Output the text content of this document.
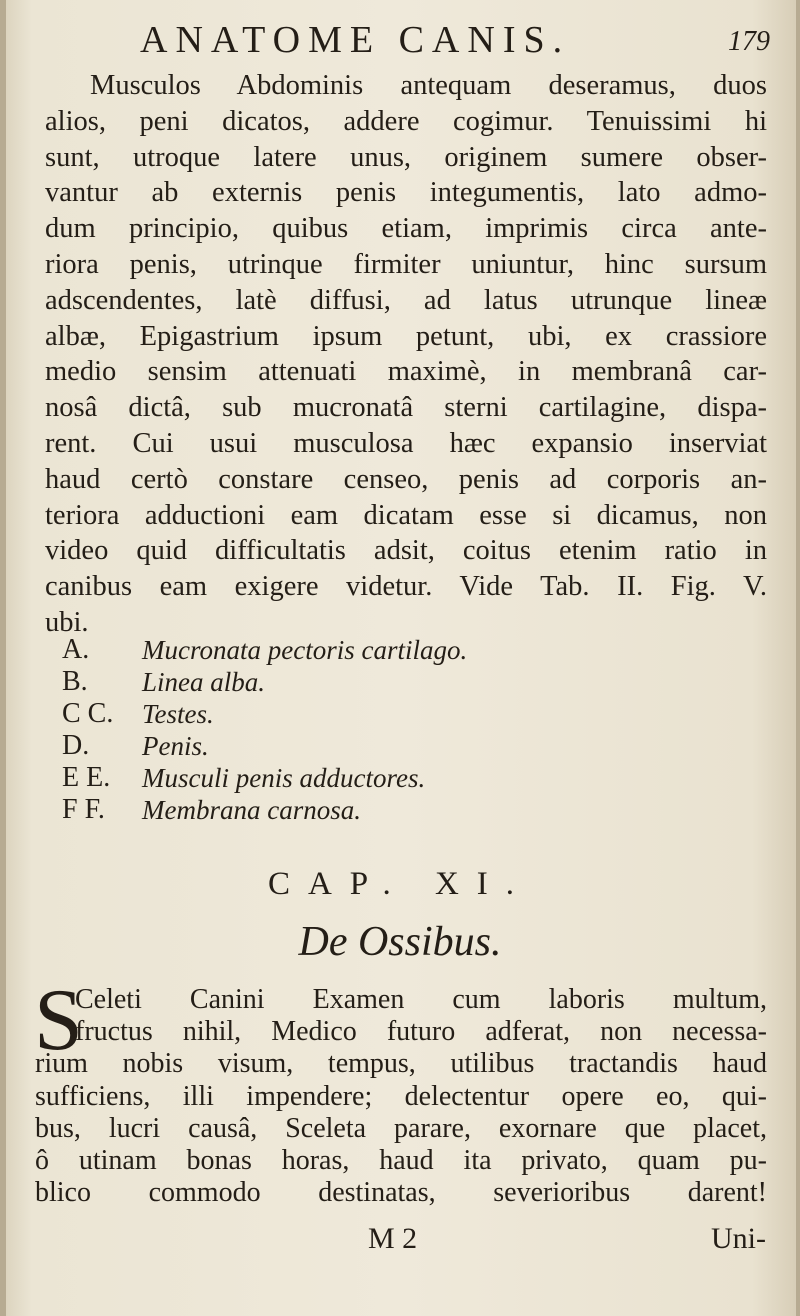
ANATOME CANIS.	179
Musculos Abdominis antequam deseramus, duos
alios, peni dicatos, addere cogimur. Tenuissimi hi
sunt, utroque latere unus, originem sumere obser-
vantur ab externis penis integumentis, lato admo-
dum principio, quibus etiam, imprimis circa ante-
riora penis, utrinque firmiter uniuntur, hinc sursum
adscendentes, latè diffusi, ad latus utrunque lineæ
albæ, Epigastrium ipsum petunt, ubi, ex crassiore
medio sensim attenuati maximè, in membranâ car-
nosâ dictâ, sub mucronatâ sterni cartilagine, dispa-
rent. Cui usui musculosa hæc expansio inserviat
haud certò constare censeo, penis ad corporis an-
teriora adductioni eam dicatam esse si dicamus, non
video quid difficultatis adsit, coitus etenim ratio in
canibus eam exigere videtur. Vide Tab. II. Fig. V.
ubi.
A.	Mucronata pectoris cartilago.
B.	Linea alba.
C C.	Testes.
D.	Penis.
E E.	Musculi penis adductores.
F F.	Membrana carnosa.
CAP. XI.
De Ossibus.
S
Celeti Canini Examen cum laboris multum,
fructus nihil, Medico futuro adferat, non necessa-
rium nobis visum, tempus, utilibus tractandis haud
sufficiens, illi impendere; delectentur opere eo, qui-
bus, lucri causâ, Sceleta parare, exornare que placet,
ô utinam bonas horas, haud ita privato, quam pu-
blico commodo destinatas, severioribus darent!
M 2	Uni-
